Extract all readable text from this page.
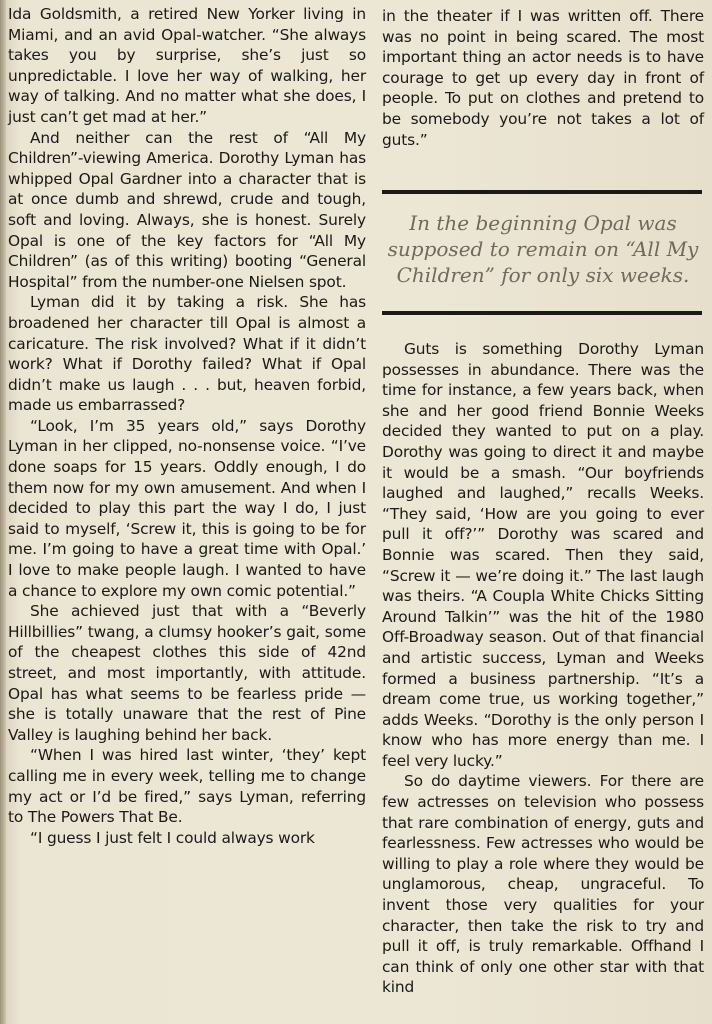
Ida Goldsmith, a retired New Yorker living in Miami, and an avid Opal-watcher. “She always takes you by surprise, she’s just so unpredictable. I love her way of walking, her way of talking. And no matter what she does, I just can’t get mad at her.”

And neither can the rest of “All My Children”-viewing America. Dorothy Lyman has whipped Opal Gardner into a character that is at once dumb and shrewd, crude and tough, soft and loving. Always, she is honest. Surely Opal is one of the key factors for “All My Children” (as of this writing) booting “General Hospital” from the number-one Nielsen spot.

Lyman did it by taking a risk. She has broadened her character till Opal is almost a caricature. The risk involved? What if it didn’t work? What if Dorothy failed? What if Opal didn’t make us laugh . . . but, heaven forbid, made us embarrassed?

“Look, I’m 35 years old,” says Dorothy Lyman in her clipped, no-nonsense voice. “I’ve done soaps for 15 years. Oddly enough, I do them now for my own amusement. And when I decided to play this part the way I do, I just said to myself, ‘Screw it, this is going to be for me. I’m going to have a great time with Opal.’ I love to make people laugh. I wanted to have a chance to explore my own comic potential.”

She achieved just that with a “Beverly Hillbillies” twang, a clumsy hooker’s gait, some of the cheapest clothes this side of 42nd street, and most importantly, with attitude. Opal has what seems to be fearless pride — she is totally unaware that the rest of Pine Valley is laughing behind her back.

“When I was hired last winter, ‘they’ kept calling me in every week, telling me to change my act or I’d be fired,” says Lyman, referring to The Powers That Be.

“I guess I just felt I could always work

in the theater if I was written off. There was no point in being scared. The most important thing an actor needs is to have courage to get up every day in front of people. To put on clothes and pretend to be somebody you’re not takes a lot of guts.”

In the beginning Opal was
supposed to remain on “All My
Children” for only six weeks.

Guts is something Dorothy Lyman possesses in abundance. There was the time for instance, a few years back, when she and her good friend Bonnie Weeks decided they wanted to put on a play. Dorothy was going to direct it and maybe it would be a smash. “Our boyfriends laughed and laughed,” recalls Weeks. “They said, ‘How are you going to ever pull it off?’” Dorothy was scared and Bonnie was scared. Then they said, “Screw it — we’re doing it.” The last laugh was theirs. “A Coupla White Chicks Sitting Around Talkin’” was the hit of the 1980 Off-Broadway season. Out of that financial and artistic success, Lyman and Weeks formed a business partnership. “It’s a dream come true, us working together,” adds Weeks. “Dorothy is the only person I know who has more energy than me. I feel very lucky.”

So do daytime viewers. For there are few actresses on television who possess that rare combination of energy, guts and fearlessness. Few actresses who would be willing to play a role where they would be unglamorous, cheap, ungraceful. To invent those very qualities for your character, then take the risk to try and pull it off, is truly remarkable. Offhand I can think of only one other star with that kind
